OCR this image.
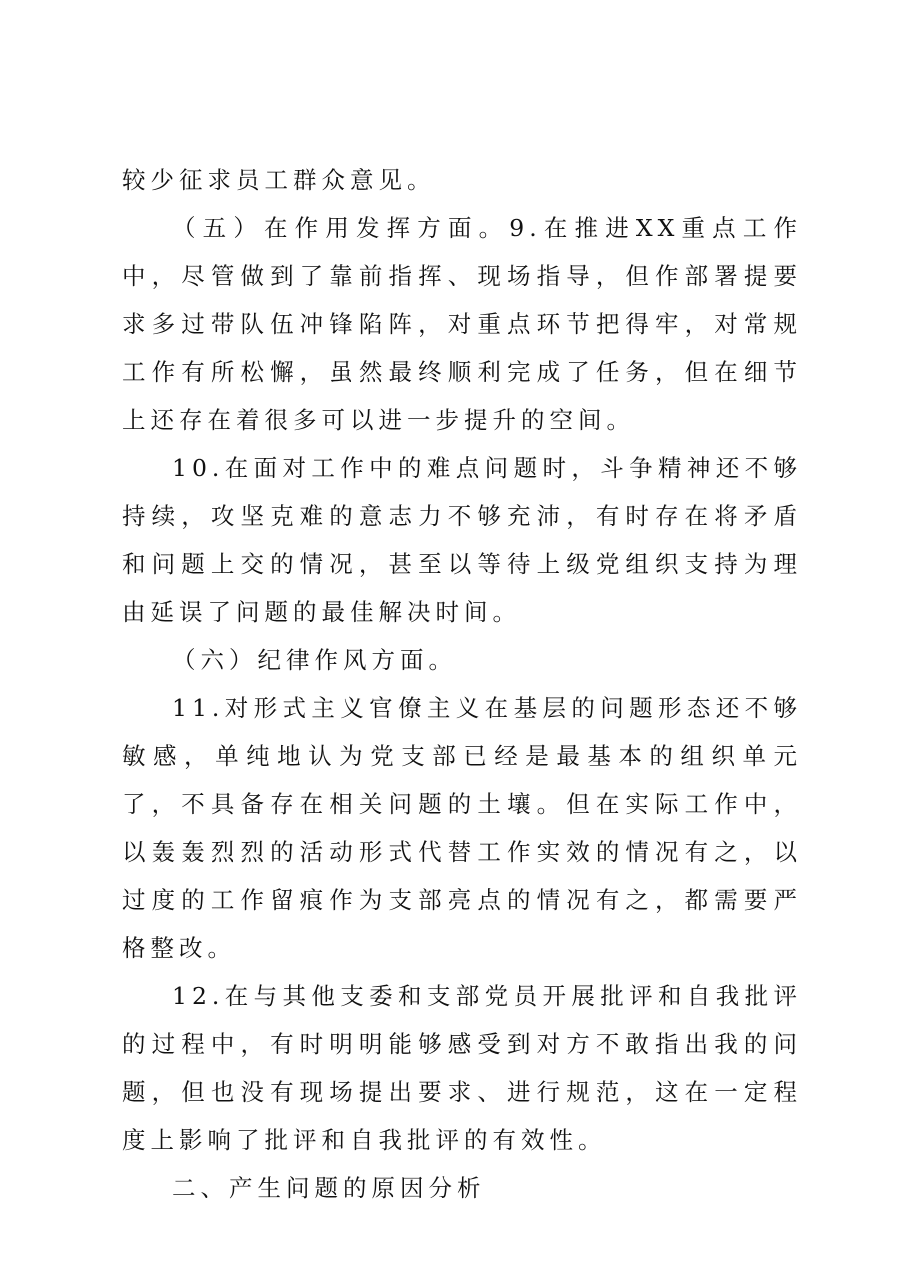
较少征求员工群众意见。

（五）在作用发挥方面。9.在推进XX重点工作中，尽管做到了靠前指挥、现场指导，但作部署提要求多过带队伍冲锋陷阵，对重点环节把得牢，对常规工作有所松懈，虽然最终顺利完成了任务，但在细节上还存在着很多可以进一步提升的空间。

10.在面对工作中的难点问题时，斗争精神还不够持续，攻坚克难的意志力不够充沛，有时存在将矛盾和问题上交的情况，甚至以等待上级党组织支持为理由延误了问题的最佳解决时间。

（六）纪律作风方面。

11.对形式主义官僚主义在基层的问题形态还不够敏感，单纯地认为党支部已经是最基本的组织单元了，不具备存在相关问题的土壤。但在实际工作中，以轰轰烈烈的活动形式代替工作实效的情况有之，以过度的工作留痕作为支部亮点的情况有之，都需要严格整改。

12.在与其他支委和支部党员开展批评和自我批评的过程中，有时明明能够感受到对方不敢指出我的问题，但也没有现场提出要求、进行规范，这在一定程度上影响了批评和自我批评的有效性。

二、产生问题的原因分析
